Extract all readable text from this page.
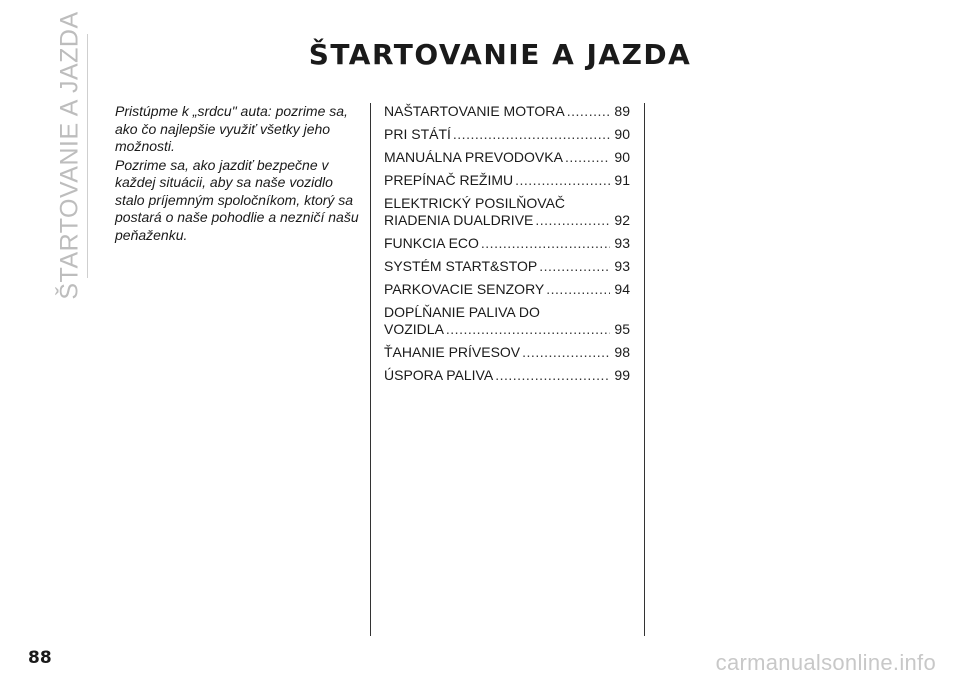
ŠTARTOVANIE A JAZDA	ŠTARTOVANIE A JAZDA

Pristúpme k „srdcu" auta: pozrime sa, ako čo najlepšie využiť všetky jeho možnosti.

Pozrime sa, ako jazdiť bezpečne v každej situácii, aby sa naše vozidlo stalo príjemným spoločníkom, ktorý sa postará o naše pohodlie a nezničí našu peňaženku.

NAŠTARTOVANIE MOTORA .....	89
PRI STÁTÍ .....	90
MANUÁLNA PREVODOVKA .....	90
PREPÍNAČ REŽIMU .....	91
ELEKTRICKÝ POSILŇOVAČ
RIADENIA DUALDRIVE .....	92
FUNKCIA ECO .....	93
SYSTÉM START&STOP .....	93
PARKOVACIE SENZORY .....	94
DOPĹŇANIE PALIVA DO
VOZIDLA .....	95
ŤAHANIE PRÍVESOV .....	98
ÚSPORA PALIVA .....	99
88	carmanualsonline.info
